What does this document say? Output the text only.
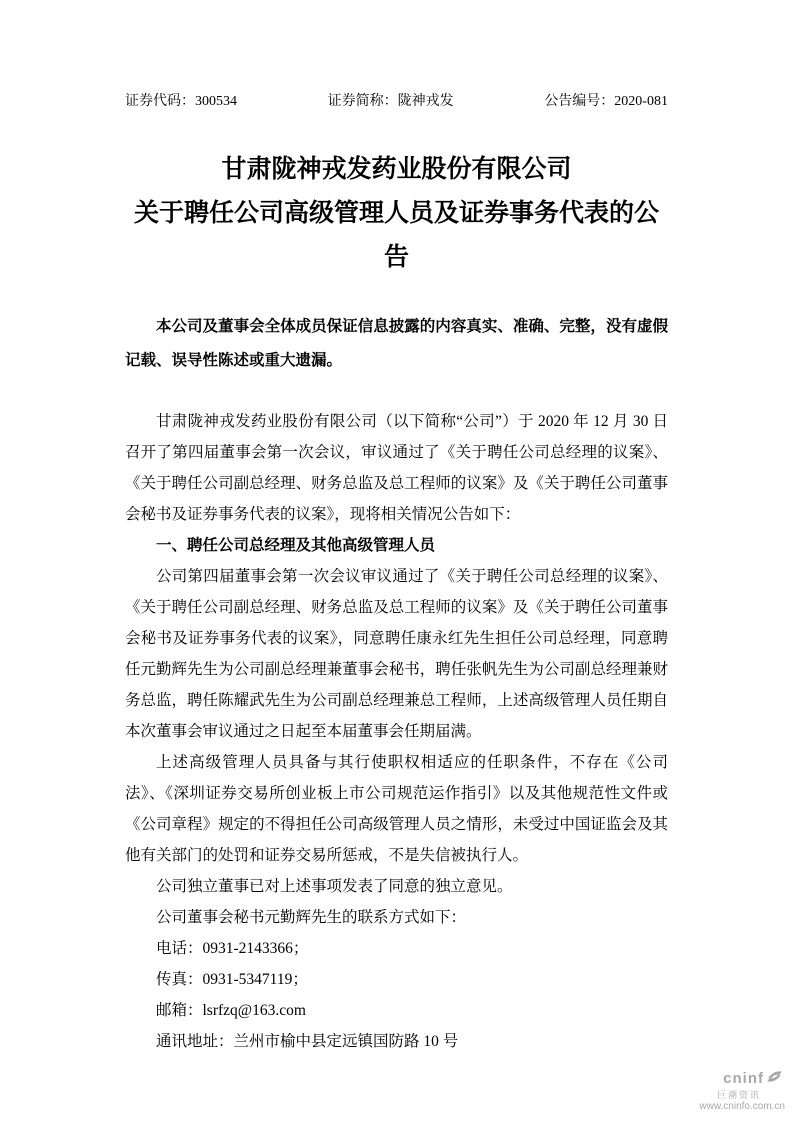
证券代码：300534	证券简称：陇神戎发	公告编号：2020-081
甘肃陇神戎发药业股份有限公司
关于聘任公司高级管理人员及证券事务代表的公告
本公司及董事会全体成员保证信息披露的内容真实、准确、完整，没有虚假记载、误导性陈述或重大遗漏。

甘肃陇神戎发药业股份有限公司（以下简称“公司”）于 2020 年 12 月 30 日召开了第四届董事会第一次会议，审议通过了《关于聘任公司总经理的议案》、《关于聘任公司副总经理、财务总监及总工程师的议案》及《关于聘任公司董事会秘书及证券事务代表的议案》，现将相关情况公告如下：

一、聘任公司总经理及其他高级管理人员

公司第四届董事会第一次会议审议通过了《关于聘任公司总经理的议案》、《关于聘任公司副总经理、财务总监及总工程师的议案》及《关于聘任公司董事会秘书及证券事务代表的议案》，同意聘任康永红先生担任公司总经理，同意聘任元勤辉先生为公司副总经理兼董事会秘书，聘任张帆先生为公司副总经理兼财务总监，聘任陈耀武先生为公司副总经理兼总工程师，上述高级管理人员任期自本次董事会审议通过之日起至本届董事会任期届满。

上述高级管理人员具备与其行使职权相适应的任职条件，不存在《公司法》、《深圳证券交易所创业板上市公司规范运作指引》以及其他规范性文件或《公司章程》规定的不得担任公司高级管理人员之情形，未受过中国证监会及其他有关部门的处罚和证券交易所惩戒，不是失信被执行人。

公司独立董事已对上述事项发表了同意的独立意见。

公司董事会秘书元勤辉先生的联系方式如下：

电话：0931-2143366；

传真：0931-5347119；

邮箱：lsrfzq@163.com

通讯地址：兰州市榆中县定远镇国防路 10 号

cninf
巨潮资讯
www.cninfo.com.cn
